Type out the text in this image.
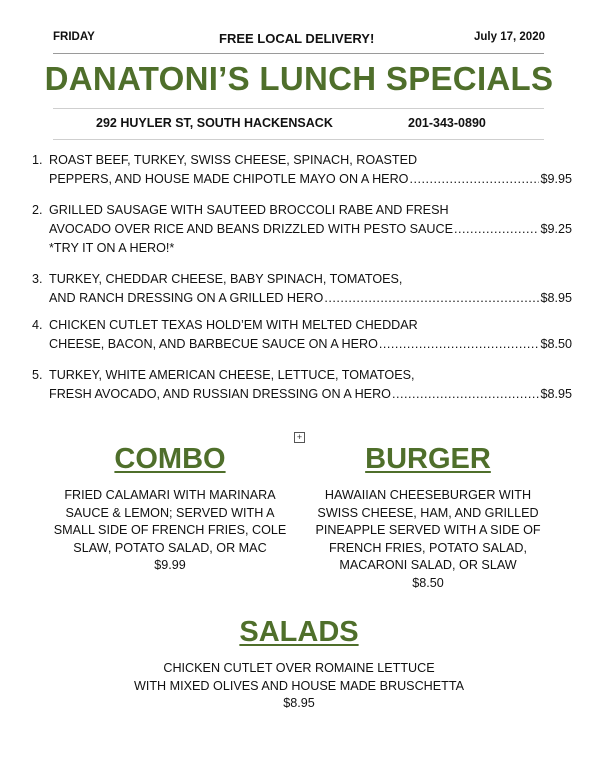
FRIDAY	FREE LOCAL DELIVERY!	July 17, 2020
DANATONI’S LUNCH SPECIALS
292 HUYLER ST, SOUTH HACKENSACK	201-343-0890
1. ROAST BEEF, TURKEY, SWISS CHEESE, SPINACH, ROASTED
PEPPERS, AND HOUSE MADE CHIPOTLE MAYO ON A HERO .....	$9.95
2. GRILLED SAUSAGE WITH SAUTEED BROCCOLI RABE AND FRESH
AVOCADO OVER RICE AND BEANS DRIZZLED WITH PESTO SAUCE .....	$9.25
*TRY IT ON A HERO!*
3. TURKEY, CHEDDAR CHEESE, BABY SPINACH, TOMATOES,
AND RANCH DRESSING ON A GRILLED HERO .....	$8.95
4. CHICKEN CUTLET TEXAS HOLD’EM WITH MELTED CHEDDAR
CHEESE, BACON, AND BARBECUE SAUCE ON A HERO .....	$8.50
5. TURKEY, WHITE AMERICAN CHEESE, LETTUCE, TOMATOES,
FRESH AVOCADO, AND RUSSIAN DRESSING ON A HERO .....	$8.95
+
COMBO
FRIED CALAMARI WITH MARINARA
SAUCE & LEMON; SERVED WITH A
SMALL SIDE OF FRENCH FRIES, COLE
SLAW, POTATO SALAD, OR MAC
$9.99
BURGER
HAWAIIAN CHEESEBURGER WITH
SWISS CHEESE, HAM, AND GRILLED
PINEAPPLE SERVED WITH A SIDE OF
FRENCH FRIES, POTATO SALAD,
MACARONI SALAD, OR SLAW
$8.50
SALADS
CHICKEN CUTLET OVER ROMAINE LETTUCE
WITH MIXED OLIVES AND HOUSE MADE BRUSCHETTA
$8.95
